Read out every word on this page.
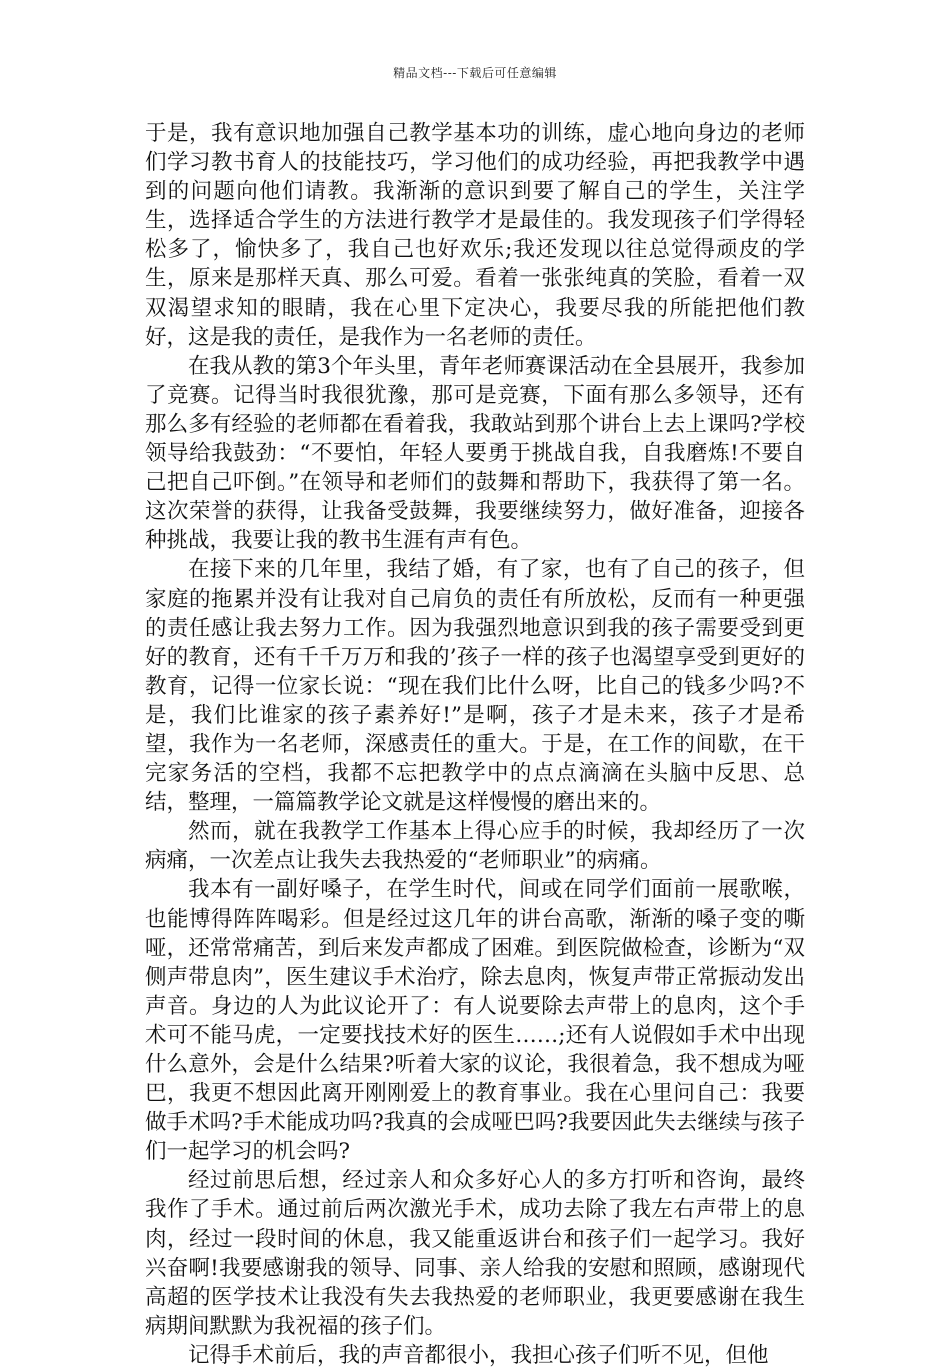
精品文档---下载后可任意编辑

于是，我有意识地加强自己教学基本功的训练，虚心地向身边的老师们学习教书育人的技能技巧，学习他们的成功经验，再把我教学中遇到的问题向他们请教。我渐渐的意识到要了解自己的学生，关注学生，选择适合学生的方法进行教学才是最佳的。我发现孩子们学得轻松多了，愉快多了，我自己也好欢乐;我还发现以往总觉得顽皮的学生，原来是那样天真、那么可爱。看着一张张纯真的笑脸，看着一双双渴望求知的眼睛，我在心里下定决心，我要尽我的所能把他们教好，这是我的责任，是我作为一名老师的责任。

在我从教的第3个年头里，青年老师赛课活动在全县展开，我参加了竞赛。记得当时我很犹豫，那可是竞赛，下面有那么多领导，还有那么多有经验的老师都在看着我，我敢站到那个讲台上去上课吗?学校领导给我鼓劲：“不要怕，年轻人要勇于挑战自我，自我磨炼!不要自己把自己吓倒。”在领导和老师们的鼓舞和帮助下，我获得了第一名。这次荣誉的获得，让我备受鼓舞，我要继续努力，做好准备，迎接各种挑战，我要让我的教书生涯有声有色。

在接下来的几年里，我结了婚，有了家，也有了自己的孩子，但家庭的拖累并没有让我对自己肩负的责任有所放松，反而有一种更强的责任感让我去努力工作。因为我强烈地意识到我的孩子需要受到更好的教育，还有千千万万和我的’孩子一样的孩子也渴望享受到更好的教育，记得一位家长说：“现在我们比什么呀，比自己的钱多少吗?不是，我们比谁家的孩子素养好!”是啊，孩子才是未来，孩子才是希望，我作为一名老师，深感责任的重大。于是，在工作的间歇，在干完家务活的空档，我都不忘把教学中的点点滴滴在头脑中反思、总结，整理，一篇篇教学论文就是这样慢慢的磨出来的。

然而，就在我教学工作基本上得心应手的时候，我却经历了一次病痛，一次差点让我失去我热爱的“老师职业”的病痛。

我本有一副好嗓子，在学生时代，间或在同学们面前一展歌喉，也能博得阵阵喝彩。但是经过这几年的讲台高歌，渐渐的嗓子变的嘶哑，还常常痛苦，到后来发声都成了困难。到医院做检查，诊断为“双侧声带息肉”，医生建议手术治疗，除去息肉，恢复声带正常振动发出声音。身边的人为此议论开了：有人说要除去声带上的息肉，这个手术可不能马虎，一定要找技术好的医生……;还有人说假如手术中出现什么意外，会是什么结果?听着大家的议论，我很着急，我不想成为哑巴，我更不想因此离开刚刚爱上的教育事业。我在心里问自己：我要做手术吗?手术能成功吗?我真的会成哑巴吗?我要因此失去继续与孩子们一起学习的机会吗?

经过前思后想，经过亲人和众多好心人的多方打听和咨询，最终我作了手术。通过前后两次激光手术，成功去除了我左右声带上的息肉，经过一段时间的休息，我又能重返讲台和孩子们一起学习。我好兴奋啊!我要感谢我的领导、同事、亲人给我的安慰和照顾，感谢现代高超的医学技术让我没有失去我热爱的老师职业，我更要感谢在我生病期间默默为我祝福的孩子们。

记得手术前后，我的声音都很小，我担心孩子们听不见，但他
